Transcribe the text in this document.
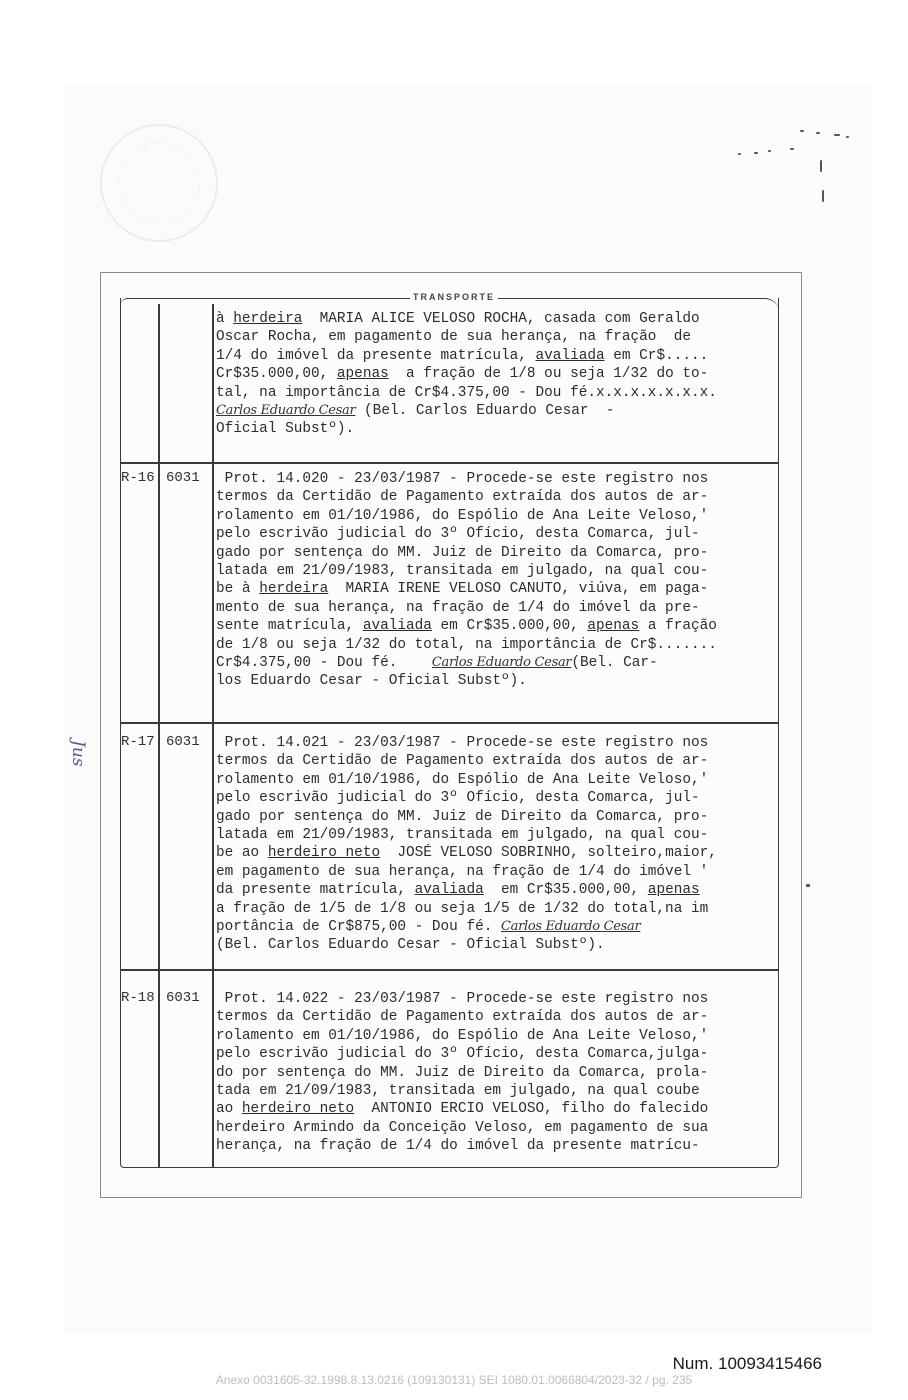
TRANSPORTE
Jus
à herdeira  MARIA ALICE VELOSO ROCHA, casada com Geraldo
Oscar Rocha, em pagamento de sua herança, na fração  de
1/4 do imóvel da presente matrícula, avaliada em Cr$.....
Cr$35.000,00, apenas  a fração de 1/8 ou seja 1/32 do to-
tal, na importância de Cr$4.375,00 - Dou fé.x.x.x.x.x.x.x.
Carlos Eduardo Cesar (Bel. Carlos Eduardo Cesar  -
Oficial Substº).
R-16 6031 Prot. 14.020 - 23/03/1987 - Procede-se este registro nos
termos da Certidão de Pagamento extraída dos autos de ar-
rolamento em 01/10/1986, do Espólio de Ana Leite Veloso,'
pelo escrivão judicial do 3º Ofício, desta Comarca, jul-
gado por sentença do MM. Juiz de Direito da Comarca, pro-
latada em 21/09/1983, transitada em julgado, na qual cou-
be à herdeira  MARIA IRENE VELOSO CANUTO, viúva, em paga-
mento de sua herança, na fração de 1/4 do imóvel da pre-
sente matrícula, avaliada em Cr$35.000,00, apenas a fração
de 1/8 ou seja 1/32 do total, na importância de Cr$.......
Cr$4.375,00 - Dou fé.    Carlos Eduardo Cesar(Bel. Car-
los Eduardo Cesar - Oficial Substº).
R-17 6031 Prot. 14.021 - 23/03/1987 - Procede-se este registro nos
termos da Certidão de Pagamento extraída dos autos de ar-
rolamento em 01/10/1986, do Espólio de Ana Leite Veloso,'
pelo escrivão judicial do 3º Ofício, desta Comarca, jul-
gado por sentença do MM. Juiz de Direito da Comarca, pro-
latada em 21/09/1983, transitada em julgado, na qual cou-
be ao herdeiro neto  JOSÉ VELOSO SOBRINHO, solteiro,maior,
em pagamento de sua herança, na fração de 1/4 do imóvel '
da presente matrícula, avaliada  em Cr$35.000,00, apenas
a fração de 1/5 de 1/8 ou seja 1/5 de 1/32 do total,na im
portância de Cr$875,00 - Dou fé. Carlos Eduardo Cesar
(Bel. Carlos Eduardo Cesar - Oficial Substº).
R-18 6031 Prot. 14.022 - 23/03/1987 - Procede-se este registro nos
termos da Certidão de Pagamento extraída dos autos de ar-
rolamento em 01/10/1986, do Espólio de Ana Leite Veloso,'
pelo escrivão judicial do 3º Ofício, desta Comarca,julga-
do por sentença do MM. Juiz de Direito da Comarca, prola-
tada em 21/09/1983, transitada em julgado, na qual coube
ao herdeiro neto  ANTONIO ERCIO VELOSO, filho do falecido
herdeiro Armindo da Conceição Veloso, em pagamento de sua
herança, na fração de 1/4 do imóvel da presente matrícu-
Num. 10093415466
Anexo 0031605-32.1998.8.13.0216 (109130131) SEI 1080.01.0066804/2023-32 / pg. 235
